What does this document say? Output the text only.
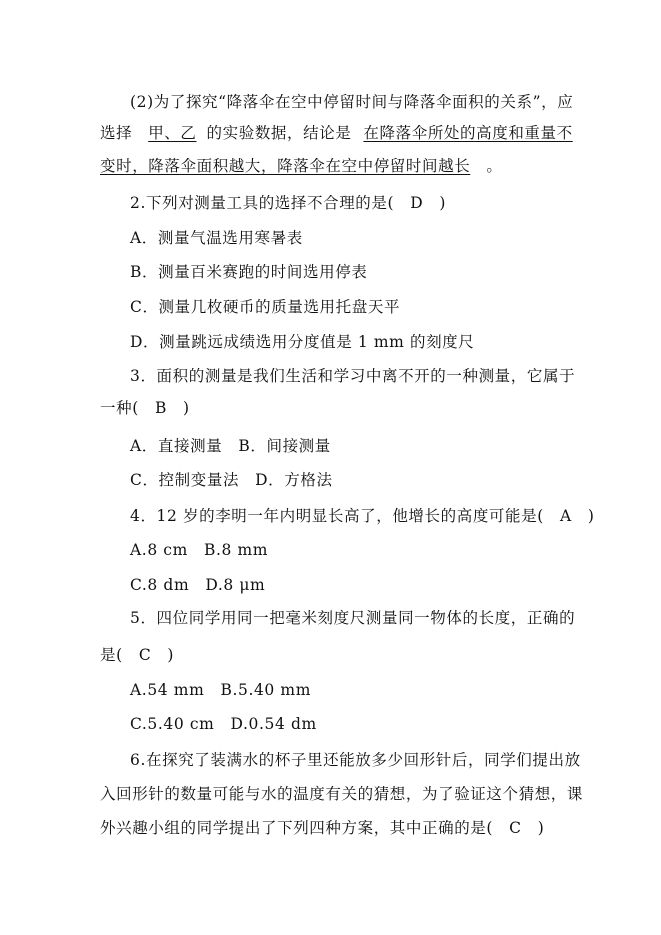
(2)为了探究“降落伞在空中停留时间与降落伞面积的关系”，应
选择 甲、乙 的实验数据，结论是 在降落伞所处的高度和重量不
变时，降落伞面积越大，降落伞在空中停留时间越长 。
2.下列对测量工具的选择不合理的是(　D　)
A．测量气温选用寒暑表
B．测量百米赛跑的时间选用停表
C．测量几枚硬币的质量选用托盘天平
D．测量跳远成绩选用分度值是 1 mm 的刻度尺
3．面积的测量是我们生活和学习中离不开的一种测量，它属于
一种(　B　)
A．直接测量　B．间接测量
C．控制变量法　D．方格法
4．12 岁的李明一年内明显长高了，他增长的高度可能是(　A　)
A.8 cm　B.8 mm
C.8 dm　D.8 μm
5．四位同学用同一把毫米刻度尺测量同一物体的长度，正确的
是(　C　)
A.54 mm　B.5.40 mm
C.5.40 cm　D.0.54 dm
6.在探究了装满水的杯子里还能放多少回形针后，同学们提出放
入回形针的数量可能与水的温度有关的猜想，为了验证这个猜想，课
外兴趣小组的同学提出了下列四种方案，其中正确的是(　C　)
